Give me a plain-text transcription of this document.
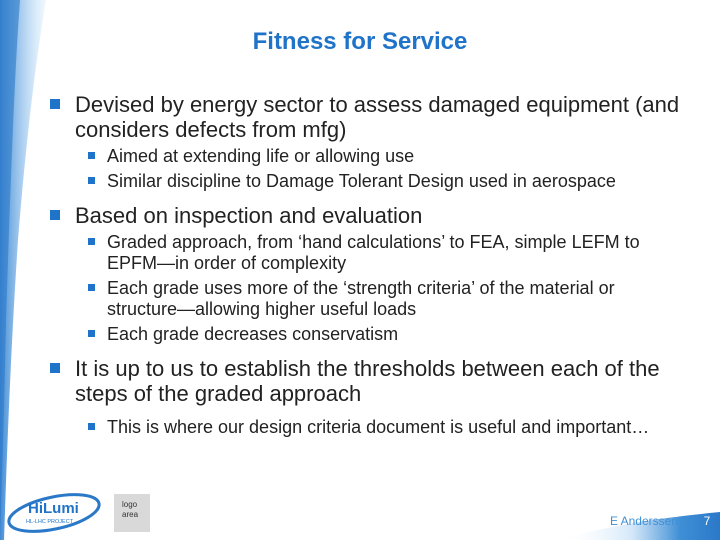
Fitness for Service
Devised by energy sector to assess damaged equipment (and considers defects from mfg)
Aimed at extending life or allowing use
Similar discipline to Damage Tolerant Design used in aerospace
Based on inspection and evaluation
Graded approach, from ‘hand calculations’ to FEA, simple LEFM to EPFM—in order of complexity
Each grade uses more of the ‘strength criteria’ of the material or structure—allowing higher useful loads
Each grade decreases conservatism
It is up to us to establish the thresholds between each of the steps of the graded approach
This is where our design criteria document is useful and important…
HiLumi
HL-LHC PROJECT
logo area	E Anderssen	7
